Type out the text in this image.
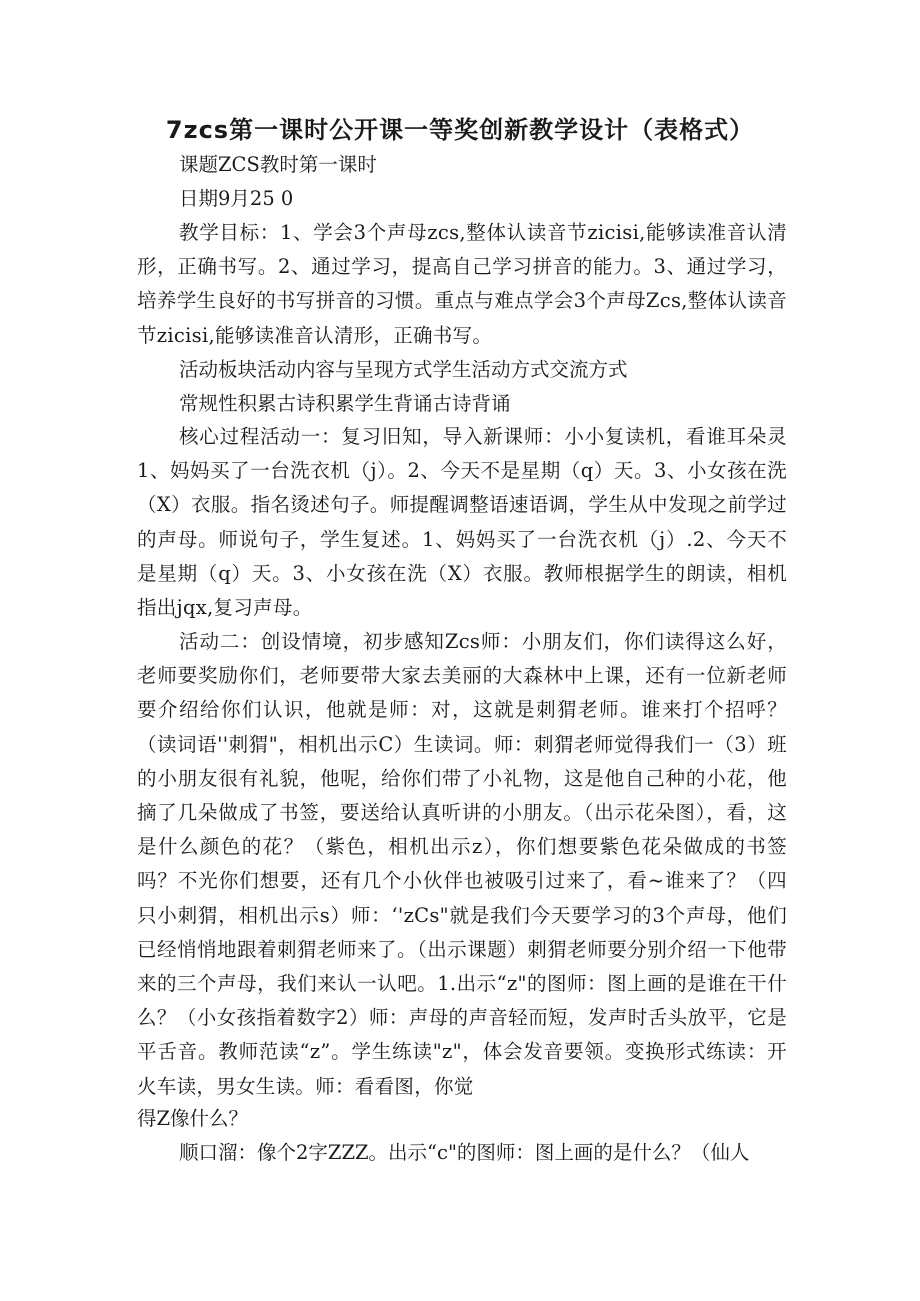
7zcs第一课时公开课一等奖创新教学设计（表格式）

课题ZCS教时第一课时

日期9月25 0

教学目标：1、学会3个声母zcs,整体认读音节zicisi,能够读准音认清形，正确书写。2、通过学习，提高自己学习拼音的能力。3、通过学习，培养学生良好的书写拼音的习惯。重点与难点学会3个声母Zcs,整体认读音节zicisi,能够读准音认清形，正确书写。

活动板块活动内容与呈现方式学生活动方式交流方式

常规性积累古诗积累学生背诵古诗背诵

核心过程活动一：复习旧知，导入新课师：小小复读机，看谁耳朵灵1、妈妈买了一台洗衣机（j）。2、今天不是星期（q）天。3、小女孩在洗（X）衣服。指名烫述句子。师提醒调整语速语调，学生从中发现之前学过的声母。师说句子，学生复述。1、妈妈买了一台洗衣机（j）.2、今天不是星期（q）天。3、小女孩在洗（X）衣服。教师根据学生的朗读，相机指出jqx,复习声母。

活动二：创设情境，初步感知Zcs师：小朋友们，你们读得这么好，老师要奖励你们，老师要带大家去美丽的大森林中上课，还有一位新老师要介绍给你们认识，他就是师：对，这就是刺猬老师。谁来打个招呼？（读词语''刺猬"，相机出示C）生读词。师：刺猬老师觉得我们一（3）班的小朋友很有礼貌，他呢，给你们带了小礼物，这是他自己种的小花，他摘了几朵做成了书签，要送给认真听讲的小朋友。（出示花朵图），看，这是什么颜色的花？（紫色，相机出示z），你们想要紫色花朵做成的书签吗？不光你们想要，还有几个小伙伴也被吸引过来了，看~谁来了？（四只小刺猬，相机出示s）师：‘'zCs"就是我们今天要学习的3个声母，他们已经悄悄地跟着刺猬老师来了。（出示课题）刺猬老师要分别介绍一下他带来的三个声母，我们来认一认吧。1.出示“z"的图师：图上画的是谁在干什么？（小女孩指着数字2）师：声母的声音轻而短，发声时舌头放平，它是平舌音。教师范读“z”。学生练读"z"，体会发音要领。变换形式练读：开火车读，男女生读。师：看看图，你觉

得Z像什么？

顺口溜：像个2字ZZZ。出示“c"的图师：图上画的是什么？（仙人
